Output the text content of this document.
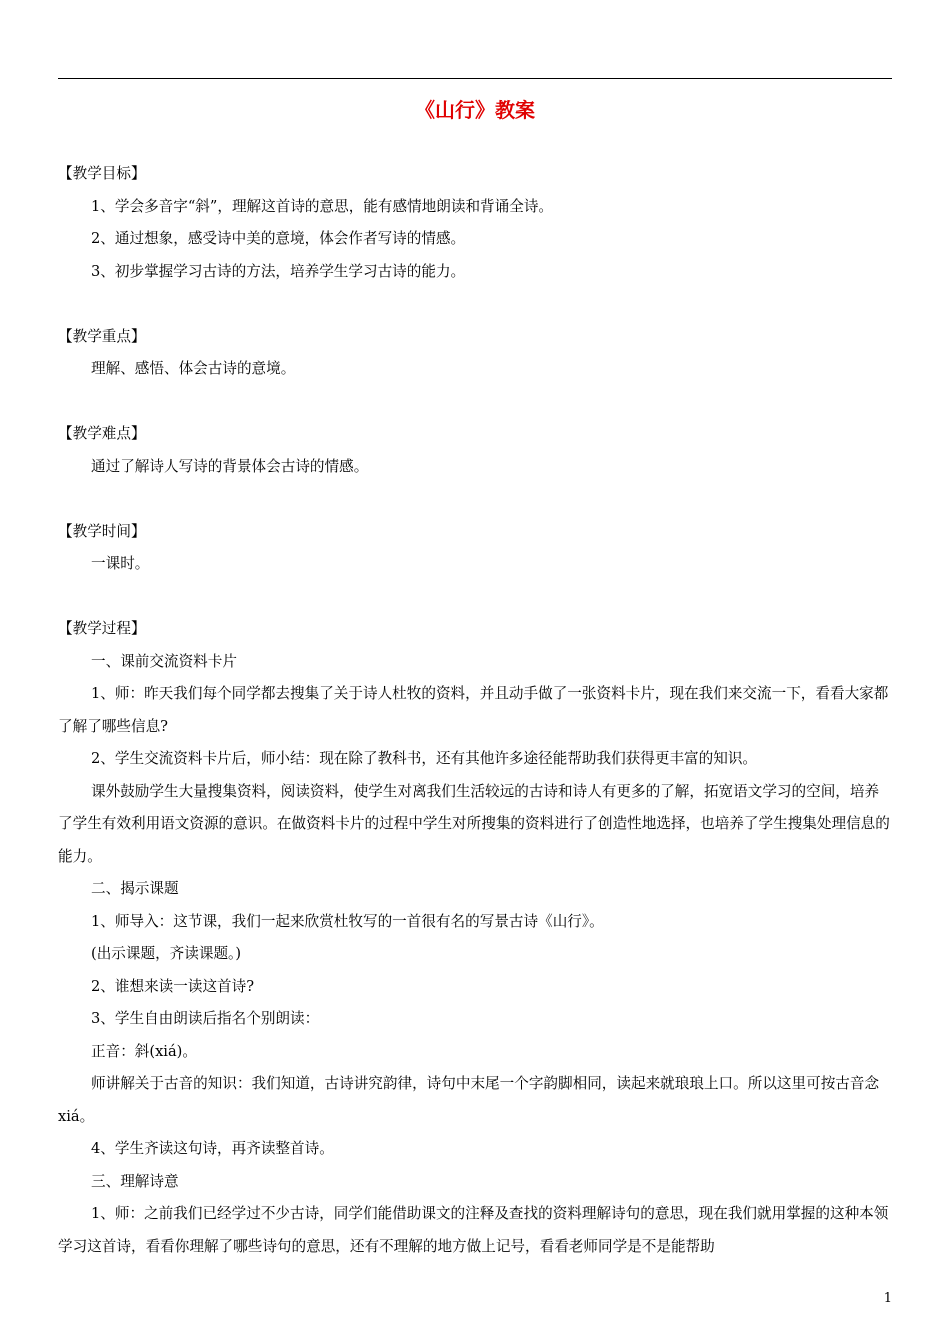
《山行》教案

【教学目标】

1、学会多音字“斜”，理解这首诗的意思，能有感情地朗读和背诵全诗。

2、通过想象，感受诗中美的意境，体会作者写诗的情感。

3、初步掌握学习古诗的方法，培养学生学习古诗的能力。

【教学重点】

理解、感悟、体会古诗的意境。

【教学难点】

通过了解诗人写诗的背景体会古诗的情感。

【教学时间】

一课时。

【教学过程】

一、课前交流资料卡片

1、师：昨天我们每个同学都去搜集了关于诗人杜牧的资料，并且动手做了一张资料卡片，现在我们来交流一下，看看大家都了解了哪些信息?

2、学生交流资料卡片后，师小结：现在除了教科书，还有其他许多途径能帮助我们获得更丰富的知识。

课外鼓励学生大量搜集资料，阅读资料，使学生对离我们生活较远的古诗和诗人有更多的了解，拓宽语文学习的空间，培养了学生有效利用语文资源的意识。在做资料卡片的过程中学生对所搜集的资料进行了创造性地选择，也培养了学生搜集处理信息的能力。

二、揭示课题

1、师导入：这节课，我们一起来欣赏杜牧写的一首很有名的写景古诗《山行》。

(出示课题，齐读课题。)

2、谁想来读一读这首诗?

3、学生自由朗读后指名个别朗读：

正音：斜(xiá)。

师讲解关于古音的知识：我们知道，古诗讲究韵律，诗句中末尾一个字韵脚相同，读起来就琅琅上口。所以这里可按古音念 xiá。

4、学生齐读这句诗，再齐读整首诗。

三、理解诗意

1、师：之前我们已经学过不少古诗，同学们能借助课文的注释及查找的资料理解诗句的意思，现在我们就用掌握的这种本领学习这首诗，看看你理解了哪些诗句的意思，还有不理解的地方做上记号，看看老师同学是不是能帮助

1
